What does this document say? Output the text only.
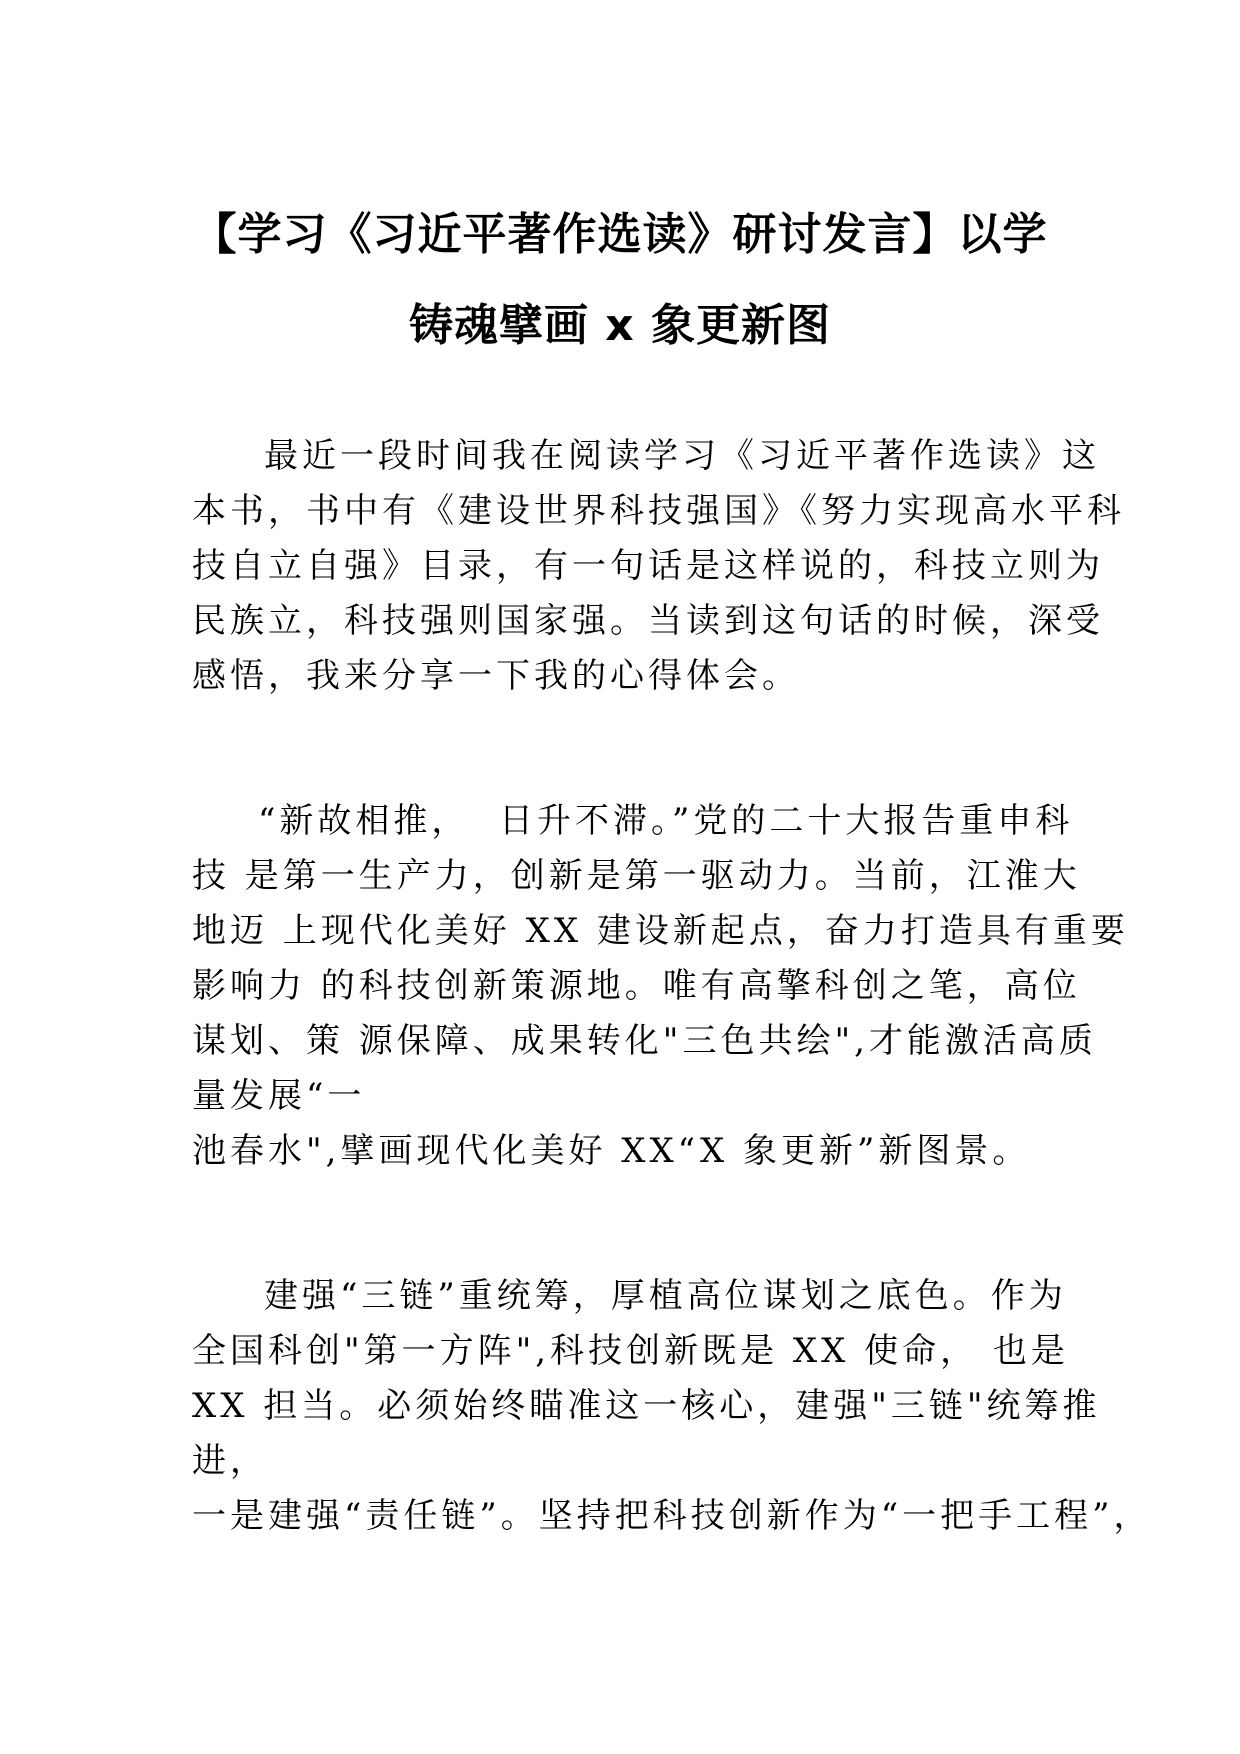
【学习《习近平著作选读》研讨发言】以学
铸魂擘画 x 象更新图
最近一段时间我在阅读学习《习近平著作选读》这
本书，书中有《建设世界科技强国》《努力实现高水平科
技自立自强》目录，有一句话是这样说的，科技立则为
民族立，科技强则国家强。当读到这句话的时候，深受
感悟，我来分享一下我的心得体会。
“新故相推，  日升不滞。”党的二十大报告重申科
技 是第一生产力，创新是第一驱动力。当前，江淮大
地迈 上现代化美好 XX 建设新起点，奋力打造具有重要
影响力 的科技创新策源地。唯有高擎科创之笔，高位
谋划、策 源保障、成果转化"三色共绘",才能激活高质
量发展“一
池春水",擘画现代化美好 XX“X 象更新”新图景。
建强“三链”重统筹，厚植高位谋划之底色。作为
全国科创"第一方阵",科技创新既是 XX 使命， 也是
XX 担当。必须始终瞄准这一核心，建强"三链"统筹推
进，
一是建强“责任链”。坚持把科技创新作为“一把手工程”，
